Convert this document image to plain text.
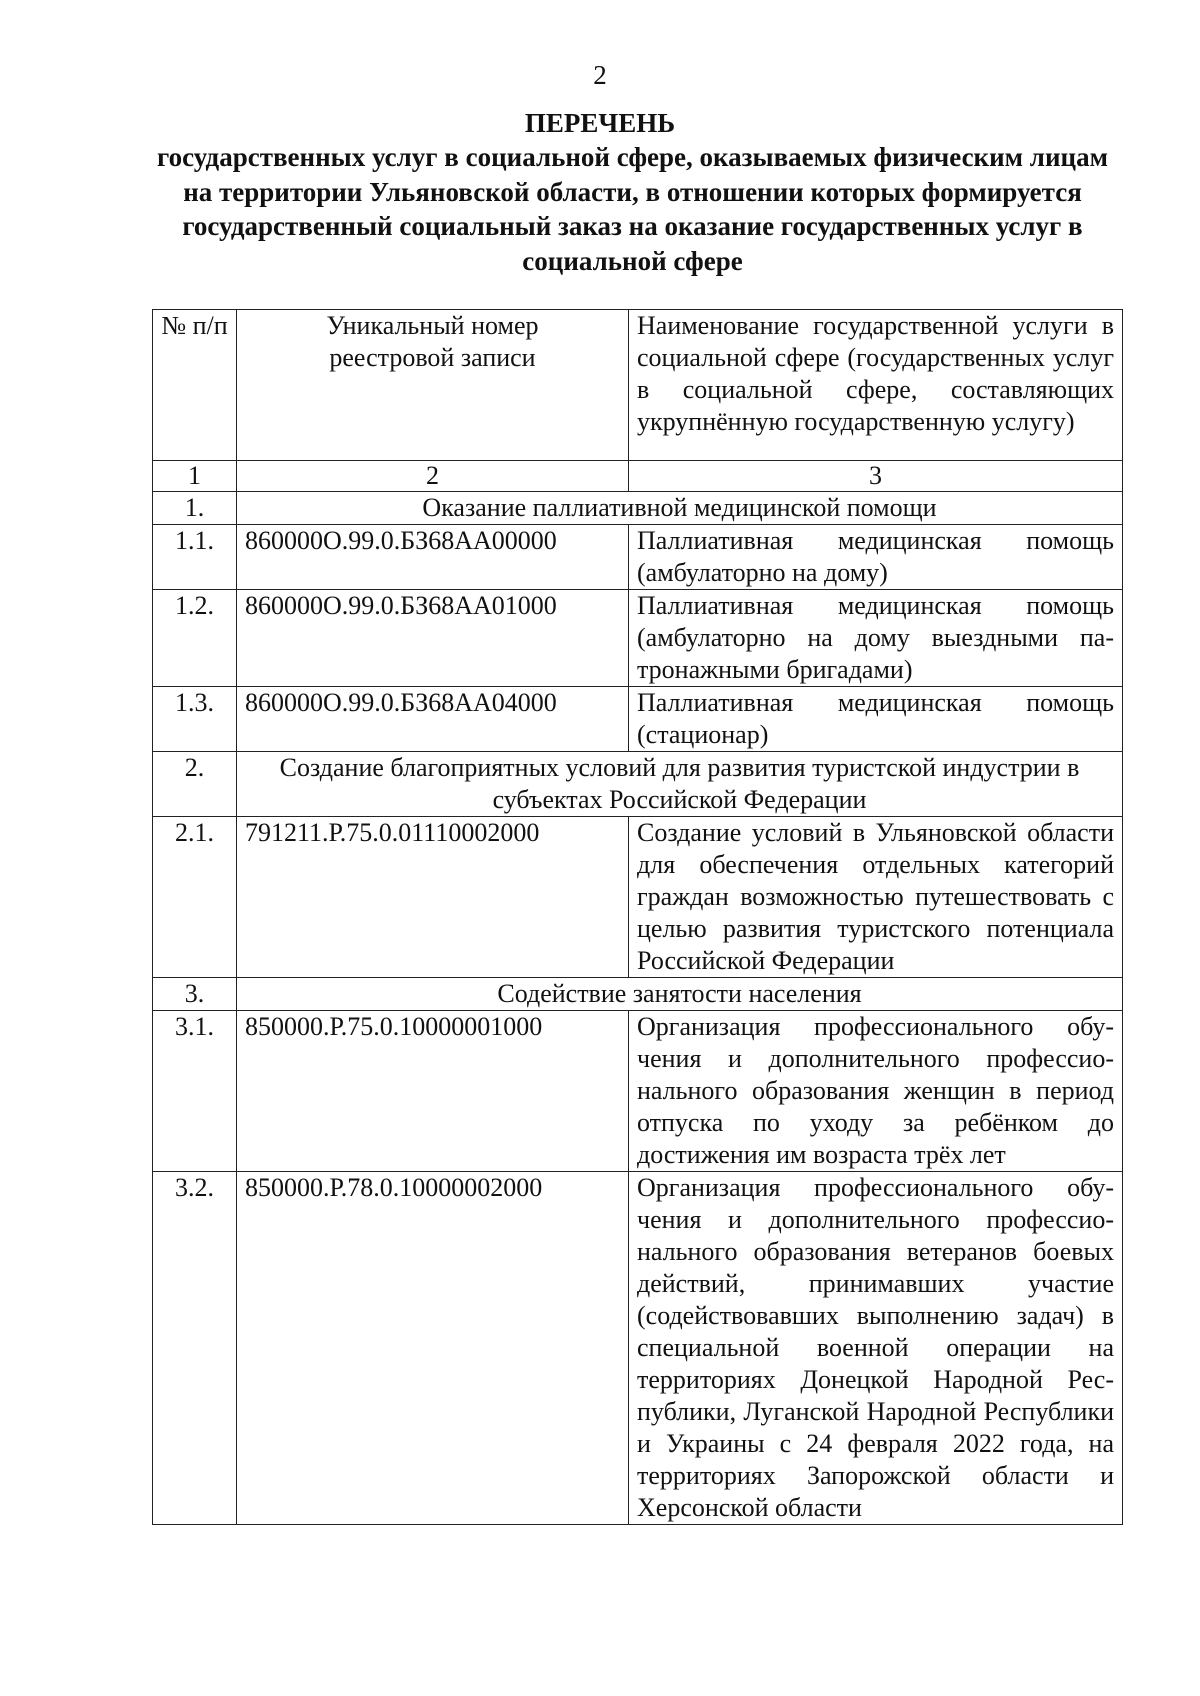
2
ПЕРЕЧЕНЬ
государственных услуг в социальной сфере, оказываемых физическим лицам на территории Ульяновской области, в отношении которых формируется государственный социальный заказ на оказание государственных услуг в социальной сфере
№ п/п	Уникальный номер реестровой записи	Наименование государственной услуги в социальной сфере (государственных услуг в социальной сфере, составляющих укрупнённую государственную услугу)
1	2	3
1.	Оказание паллиативной медицинской помощи	
1.1.	860000О.99.0.БЗ68АА00000	Паллиативная медицинская помощь (амбулаторно на дому)
1.2.	860000О.99.0.БЗ68АА01000	Паллиативная медицинская помощь (амбулаторно на дому выездными патронажными бригадами)
1.3.	860000О.99.0.БЗ68АА04000	Паллиативная медицинская помощь (стационар)
2.	Создание благоприятных условий для развития туристской индустрии в субъектах Российской Федерации	
2.1.	791211.Р.75.0.01110002000	Создание условий в Ульяновской области для обеспечения отдельных категорий граждан возможностью путешествовать с целью развития туристского потенциала Российской Федерации
3.	Содействие занятости населения	
3.1.	850000.Р.75.0.10000001000	Организация профессионального обучения и дополнительного профессионального образования женщин в период отпуска по уходу за ребёнком до достижения им возраста трёх лет
3.2.	850000.Р.78.0.10000002000	Организация профессионального обучения и дополнительного профессионального образования ветеранов боевых действий, принимавших участие (содействовавших выполнению задач) в специальной военной операции на территориях Донецкой Народной Республики, Луганской Народной Республики и Украины с 24 февраля 2022 года, на территориях Запорожской области и Херсонской области
